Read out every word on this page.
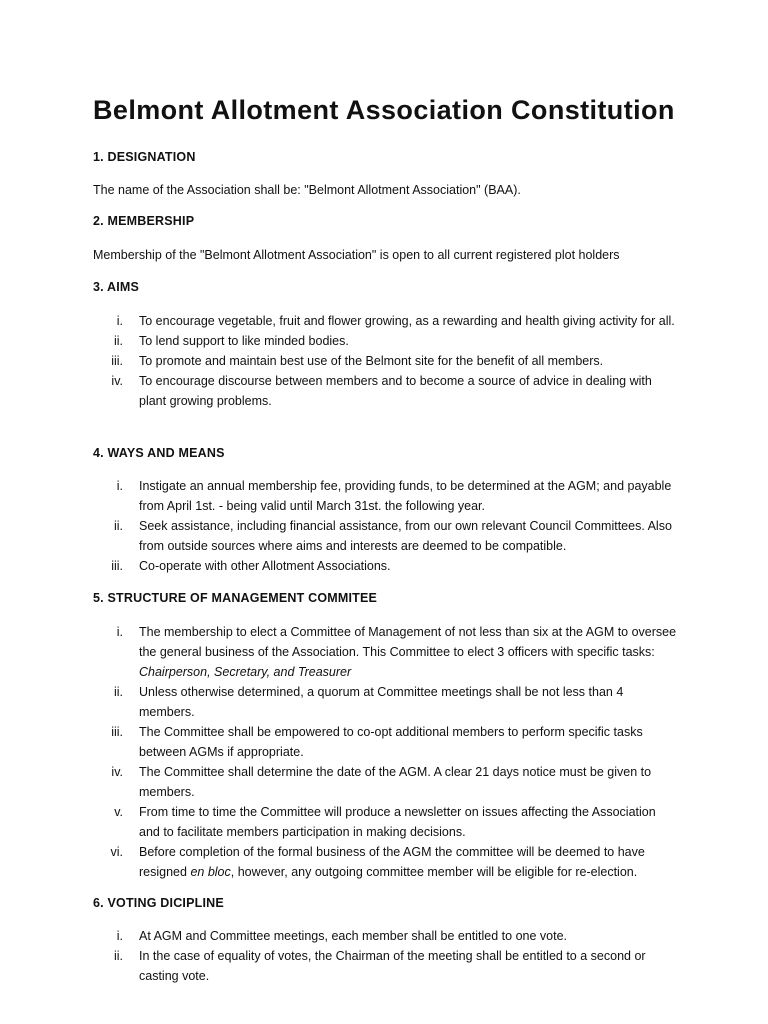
Belmont Allotment Association Constitution
1. DESIGNATION

The name of the Association shall be: "Belmont Allotment Association" (BAA).

2. MEMBERSHIP

Membership of the "Belmont Allotment Association" is open to all current registered plot holders

3. AIMS
i. To encourage vegetable, fruit and flower growing, as a rewarding and health giving activity for all.
ii. To lend support to like minded bodies.
iii. To promote and maintain best use of the Belmont site for the benefit of all members.
iv. To encourage discourse between members and to become a source of advice in dealing with plant growing problems.
4. WAYS AND MEANS
i. Instigate an annual membership fee, providing funds, to be determined at the AGM; and payable from April 1st. - being valid until March 31st. the following year.
ii. Seek assistance, including financial assistance, from our own relevant Council Committees. Also from outside sources where aims and interests are deemed to be compatible.
iii. Co-operate with other Allotment Associations.
5. STRUCTURE OF MANAGEMENT COMMITEE
i. The membership to elect a Committee of Management of not less than six at the AGM to oversee the general business of the Association. This Committee to elect 3 officers with specific tasks: Chairperson, Secretary, and Treasurer
ii. Unless otherwise determined, a quorum at Committee meetings shall be not less than 4 members.
iii. The Committee shall be empowered to co-opt additional members to perform specific tasks between AGMs if appropriate.
iv. The Committee shall determine the date of the AGM. A clear 21 days notice must be given to members.
v. From time to time the Committee will produce a newsletter on issues affecting the Association and to facilitate members participation in making decisions.
vi. Before completion of the formal business of the AGM the committee will be deemed to have resigned en bloc, however, any outgoing committee member will be eligible for re-election.
6. VOTING DICIPLINE
i. At AGM and Committee meetings, each member shall be entitled to one vote.
ii. In the case of equality of votes, the Chairman of the meeting shall be entitled to a second or casting vote.
